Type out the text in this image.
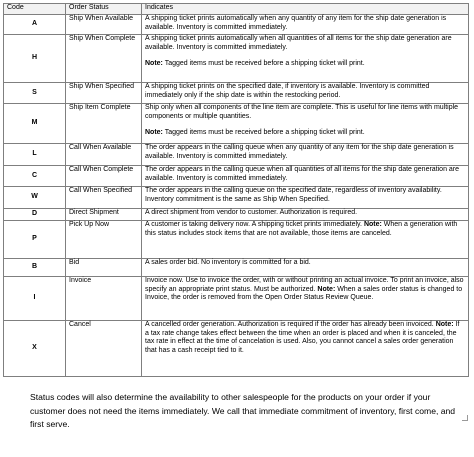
Code	Order Status	Indicates
A	Ship When Available	A shipping ticket prints automatically when any quantity of any item for the ship date generation is available. Inventory is committed immediately.
H	Ship When Complete	A shipping ticket prints automatically when all quantities of all items for the ship date generation are available. Inventory is committed immediately.
Note: Tagged items must be received before a shipping ticket will print.

S	Ship When Specified	A shipping ticket prints on the specified date, if inventory is available. Inventory is committed immediately only if the ship date is within the restocking period.
M	Ship Item Complete	Ship only when all components of the line item are complete. This is useful for line items with multiple components or multiple quantities.
Note: Tagged items must be received before a shipping ticket will print.

L	Call When Available	The order appears in the calling queue when any quantity of any item for the ship date generation is available. Inventory is committed immediately.
C	Call When Complete	The order appears in the calling queue when all quantities of all items for the ship date generation are available. Inventory is committed immediately.
W	Call When Specified	The order appears in the calling queue on the specified date, regardless of inventory availability. Inventory commitment is the same as Ship When Specified.
D	Direct Shipment	A direct shipment from vendor to customer. Authorization is required.
P	Pick Up Now	A customer is taking delivery now. A shipping ticket prints immediately. Note: When a generation with this status includes stock items that are not available, those items are canceled.
B	Bid	A sales order bid. No inventory is committed for a bid.
I	Invoice	Invoice now. Use to invoice the order, with or without printing an actual invoice. To print an invoice, also specify an appropriate print status. Must be authorized. Note: When a sales order status is changed to Invoice, the order is removed from the Open Order Status Review Queue.
X	Cancel	A cancelled order generation. Authorization is required if the order has already been invoiced. Note: If a tax rate change takes effect between the time when an order is placed and when it is canceled, the tax rate in effect at the time of cancelation is used. Also, you cannot cancel a sales order generation that has a cash receipt tied to it.
Status codes will also determine the availability to other salespeople for the products on your order if your customer does not need the items immediately. We call that immediate commitment of inventory, first come, and first serve.
